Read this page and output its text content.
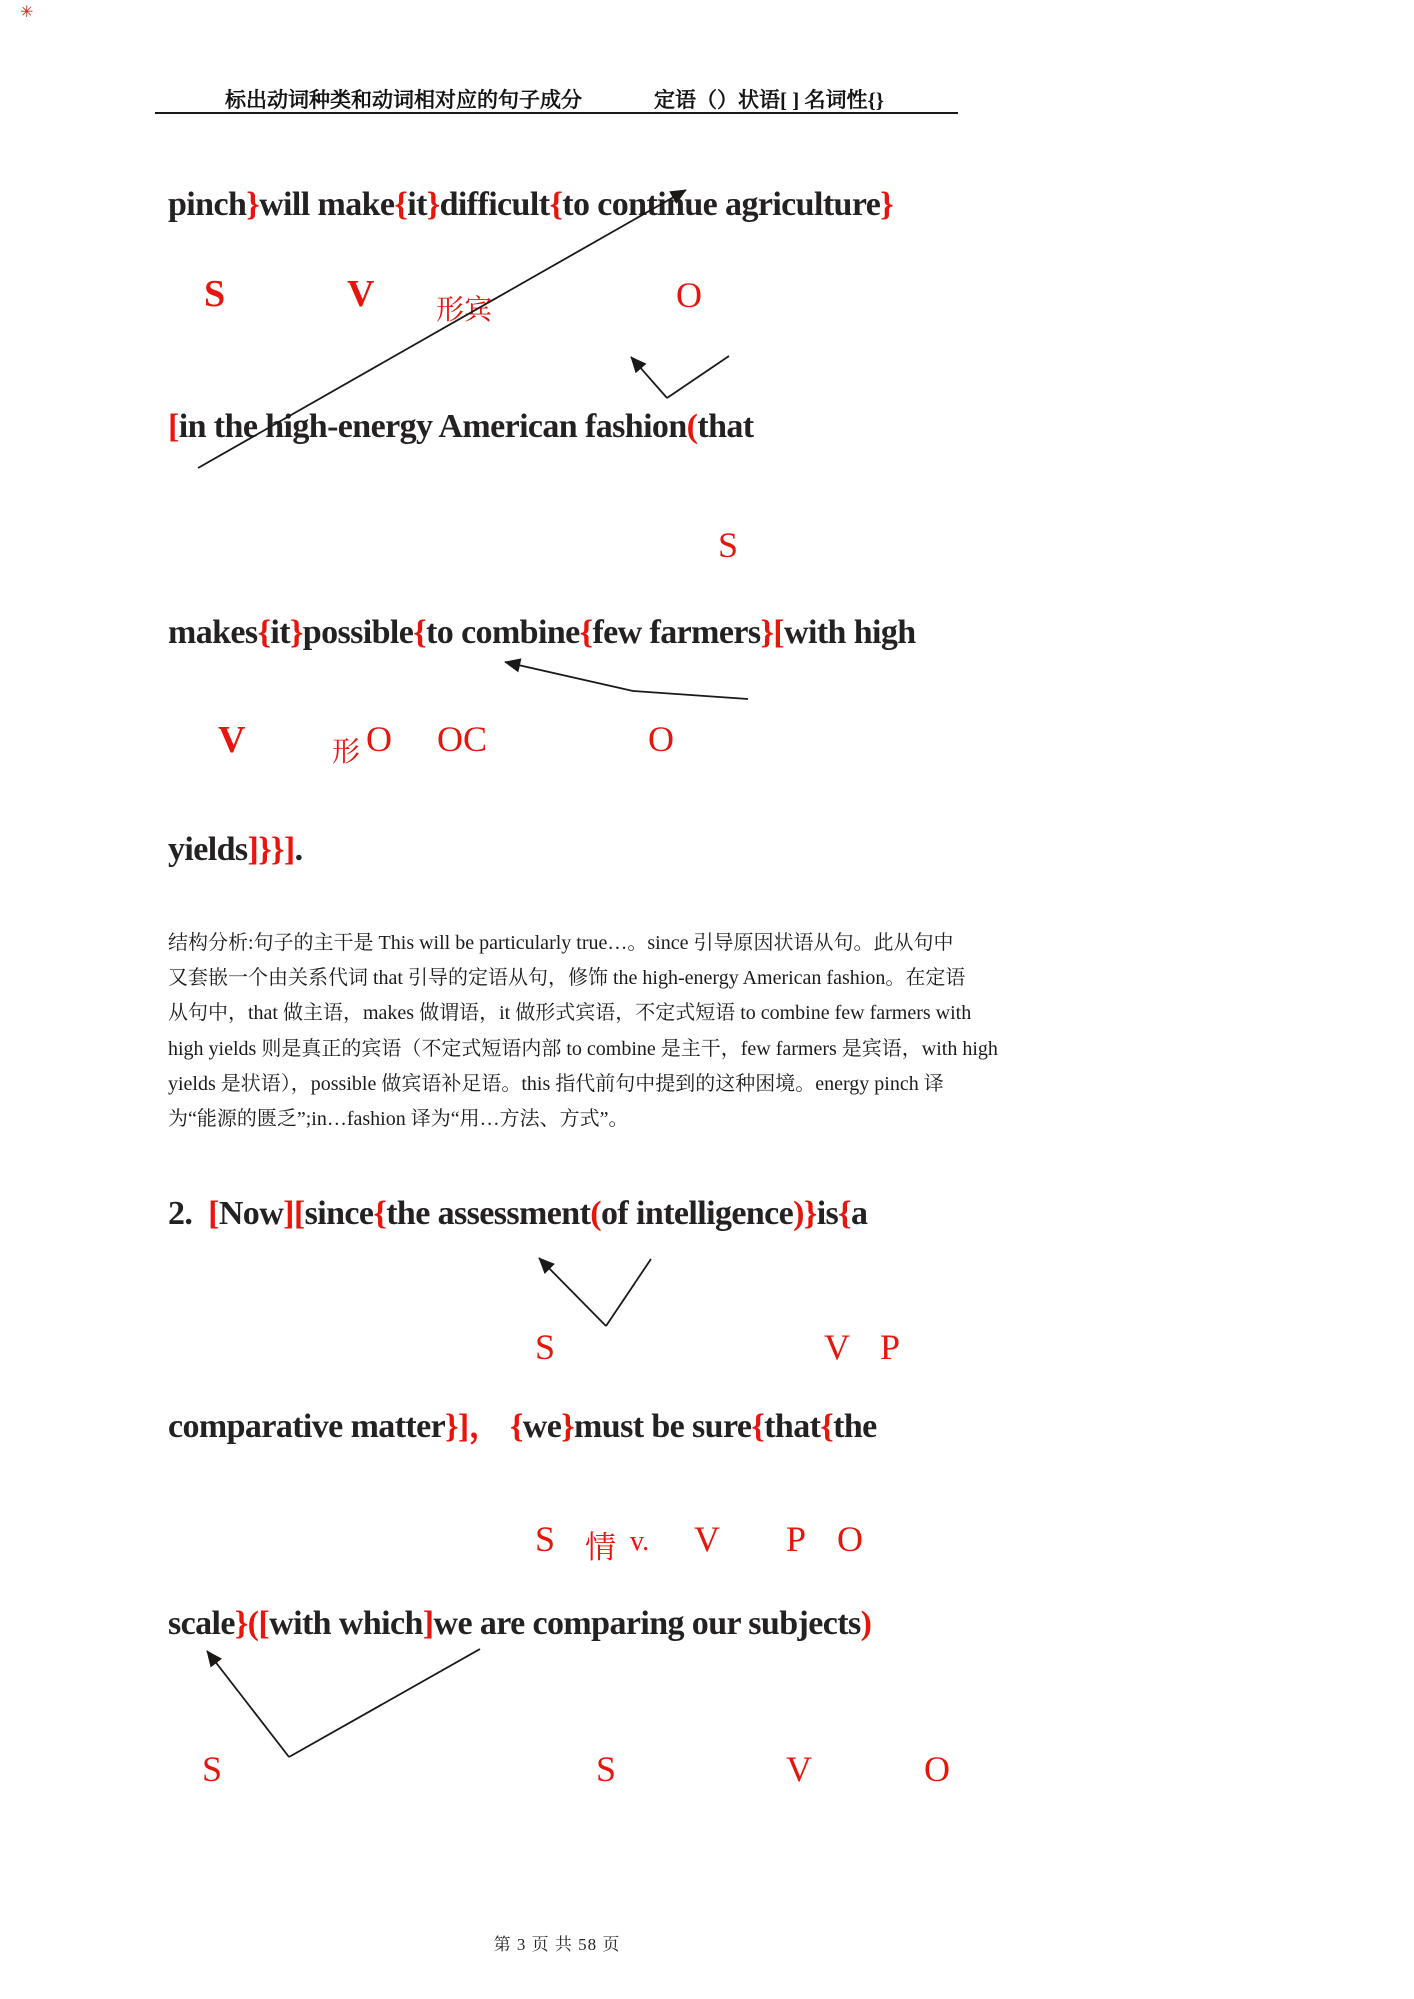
✳
标出动词种类和动词相对应的句子成分	定语（）状语[ ] 名词性{}
pinch}will make{it}difficult{to continue agriculture}
S	V 形宾	O
[in the high-energy American fashion(that
S
makes{it}possible{to combine{few farmers}[with high
V	形 O OC	O
yields]}}].
结构分析:句子的主干是 This will be particularly true…。since 引导原因状语从句。此从句中
又套嵌一个由关系代词 that 引导的定语从句，修饰 the high-energy American fashion。在定语
从句中，that 做主语，makes 做谓语，it 做形式宾语，不定式短语 to combine few farmers with
high yields 则是真正的宾语（不定式短语内部 to combine 是主干，few farmers 是宾语，with high
yields 是状语），possible 做宾语补足语。this 指代前句中提到的这种困境。energy pinch 译
为“能源的匮乏”;in…fashion 译为“用…方法、方式”。
2.  [Now][since{the assessment(of intelligence)}is{a
S	V P
comparative matter}]， {we}must be sure{that{the
S 情 v. V P O
scale}([with which]we are comparing our subjects)
S	S	V	O
第 3 页 共 58 页
